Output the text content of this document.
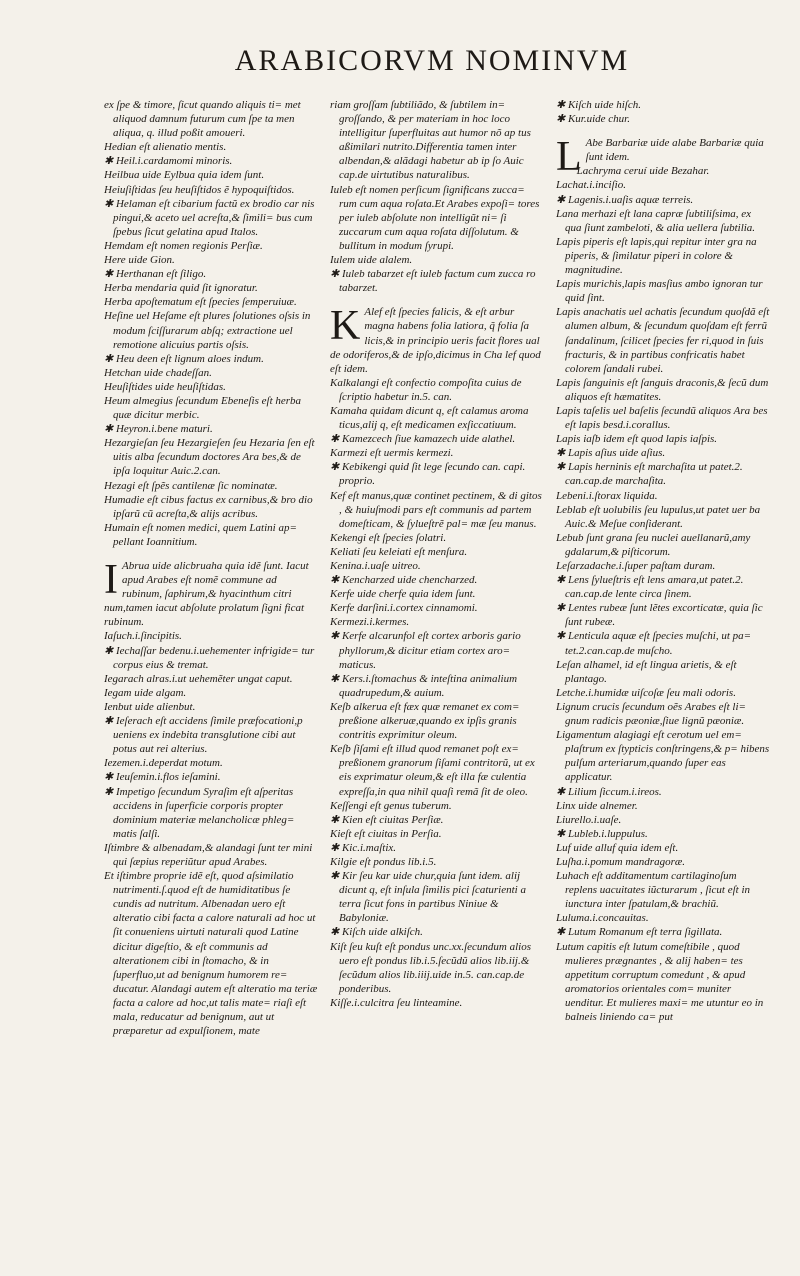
ARABICORVM NOMINVM

ex ſpe & timore, ſicut quando aliquis ti= met aliquod damnum futurum cum ſpe ta men aliqua, q. illud poßit amoueri.

Hedian eſt alienatio mentis.

✱ Heil.i.cardamomi minoris.

Heilbua uide Eylbua quia idem ſunt.

Heiuſiſtidas ſeu heuſiſtidos ẽ hypoquiſtidos.

✱ Helaman eſt cibarium factũ ex brodio car nis pingui,& aceto uel acreſta,& ſimili= bus cum ſpebus ſicut gelatina apud Italos.

Hemdam eſt nomen regionis Perſiæ.

Here uide Gion.

✱ Herthanan eſt ſiligo.

Herba mendaria quid ſit ignoratur.

Herba apoſtematum eſt ſpecies ſemperuiuæ.

Heſine uel Heſame eſt plures ſolutiones oſsis in modum ſciſſurarum abſq; extractione uel remotione alicuius partis oſsis.

✱ Heu deen eſt lignum aloes indum.

Hetchan uide chadeſſan.

Heuſiſtides uide heuſiſtidas.

Heum almegius ſecundum Ebeneſis eſt herba quæ dicitur merbic.

✱ Heyron.i.bene maturi.

Hezargieſan ſeu Hezargieſen ſeu Hezaria ſen eſt uitis alba ſecundum doctores Ara bes,& de ipſa loquitur Auic.2.can.

Hezagi eſt ſpẽs cantilenæ ſic nominatæ.

Humadie eſt cibus factus ex carnibus,& bro dio ipſarũ cũ acreſta,& alijs acribus.

Humain eſt nomen medici, quem Latini ap= pellant Ioannitium.

I Abrua uide alicbruaha quia idẽ ſunt. Iacut apud Arabes eſt nomẽ commune ad rubinum, ſaphirum,& hyacinthum citri num,tamen iacut abſolute prolatum ſigni ficat rubinum.

Iaſuch.i.ſincipitis.

✱ Iechaſſar bedenu.i.uehementer infrigide= tur corpus eius & tremat.

Iegarach alras.i.ut uehemẽter ungat caput.

Iegam uide algam.

Ienbut uide alienbut.

✱ Ieſerach eſt accidens ſimile præfocationi,p ueniens ex indebita transglutione cibi aut potus aut rei alterius.

Iezemen.i.deperdat motum.

✱ Ieuſemin.i.flos ieſamini.

✱ Impetigo ſecundum Syraſim eſt aſperitas accidens in ſuperficie corporis propter dominium materiæ melancholicæ phleg= matis ſalſi.

Iſtimbre & albenadam,& alandagi ſunt ter mini qui ſæpius reperiũtur apud Arabes.

Et iſtimbre proprie idẽ eſt, quod aſsimilatio nutrimenti.ſ.quod eſt de humiditatibus ſe cundis ad nutritum. Albenadan uero eſt alteratio cibi facta a calore naturali ad hoc ut ſit conueniens uirtuti naturali quod Latine dicitur digeſtio, & eſt communis ad alterationem cibi in ſtomacho, & in ſuperfluo,ut ad benignum humorem re= ducatur. Alandagi autem eſt alteratio ma teriæ facta a calore ad hoc,ut talis mate= riaſi eſt mala, reducatur ad benignum, aut ut præparetur ad expulſionem, mate

riam groſſam ſubtiliãdo, & ſubtilem in= groſſando, & per materiam in hoc loco intelligitur ſuperfluitas aut humor nõ ap tus aßimilari nutrito.Differentia tamen inter albendan,& alãdagi habetur ab ip ſo Auic cap.de uirtutibus naturalibus.

Iuleb eſt nomen perſicum ſignificans zucca= rum cum aqua roſata.Et Arabes expoſi= tores per iuleb abſolute non intelligũt ni= ſi zuccarum cum aqua roſata diſſolutum. & bullitum in modum ſyrupi.

Iulem uide alalem.

✱ Iuleb tabarzet eſt iuleb factum cum zucca ro tabarzet.

K Alef eſt ſpecies falicis, & eſt arbur magna habens folia latiora, q̃ folia ſa licis,& in principio ueris facit flores ual de odoriferos,& de ipſo,dicimus in Cha lef quod eſt idem.

Kalkalangi eſt confectio compoſita cuius de ſcriptio habetur in.5. can.

Kamaha quidam dicunt q, eſt calamus aroma ticus,alij q, eſt medicamen exſiccatiuum.

✱ Kamezcech ſiue kamazech uide alathel.

Karmezi eſt uermis kermezi.

✱ Kebikengi quid ſit lege ſecundo can. capi. proprio.

Kef eſt manus,quæ continet pectinem, & di gitos , & huiuſmodi pars eſt communis ad partem domeſticam, & ſylueſtrẽ pal= mæ ſeu manus.

Kekengi eſt ſpecies ſolatri.

Keliati ſeu keleiati eſt menſura.

Kenina.i.uaſe uitreo.

✱ Kencharzed uide chencharzed.

Kerfe uide cherfe quia idem ſunt.

Kerfe darſini.i.cortex cinnamomi.

Kermezi.i.kermes.

✱ Kerfe alcarunfol eſt cortex arboris gario phyllorum,& dicitur etiam cortex aro= maticus.

✱ Kers.i.ſtomachus & inteſtina animalium quadrupedum,& auium.

Keſb alkerua eſt fæx quæ remanet ex com= preßione alkeruæ,quando ex ipſis granis contritis exprimitur oleum.

Keſb ſiſami eſt illud quod remanet poſt ex= preßionem granorum ſiſami contritorũ, ut ex eis exprimatur oleum,& eſt illa fæ culentia expreſſa,in qua nihil quaſi remã ſit de oleo.

Keſſengi eſt genus tuberum.

✱ Kien eſt ciuitas Perſiæ.

Kieſt eſt ciuitas in Perſia.

✱ Kic.i.maſtix.

Kilgie eſt pondus lib.i.5.

✱ Kir ſeu kar uide chur,quia ſunt idem. alij dicunt q, eſt inſula ſimilis pici ſcaturienti a terra ſicut fons in partibus Niniue & Babyloniæ.

✱ Kiſch uide alkiſch.

Kiſt ſeu kuſt eſt pondus unc.xx.ſecundum alios uero eſt pondus lib.i.5.ſecũdũ alios lib.iij.& ſecũdum alios lib.iiij.uide in.5. can.cap.de ponderibus.

Kiſſe.i.culcitra ſeu linteamine.

✱ Kiſch uide hiſch.

✱ Kur.uide chur.

L Abe Barbariæ uide alabe Barbariæ quia ſunt idem.

Lachryma ceruí uide Bezahar.

Lachat.i.inciſio.

✱ Lagenis.i.uaſis aquæ terreis.

Lana merhazi eſt lana capræ ſubtiliſsima, ex qua ſiunt zambeloti, & alia uellera ſubtilia.

Lapis piperis eſt lapis,qui repitur inter gra na piperis, & ſimilatur piperi in colore & magnitudine.

Lapis murichis,lapis masſius ambo ignoran tur quid ſint.

Lapis anachatis uel achatis ſecundum quoſdã eſt alumen album, & ſecundum quoſdam eſt ferrũ ſandalinum, ſcilicet ſpecies fer ri,quod in ſuis fracturis, & in partibus confricatis habet colorem ſandali rubei.

Lapis ſanguinis eſt ſanguis draconis,& ſecũ dum aliquos eſt hæmatites.

Lapis taſelis uel baſelis ſecundũ aliquos Ara bes eſt lapis besd.i.corallus.

Lapis iaſb idem eſt quod lapis iaſpis.

✱ Lapis aſius uide aſius.

✱ Lapis herninis eſt marchaſita ut patet.2. can.cap.de marchaſita.

Lebeni.i.ſtorax liquida.

Leblab eſt uolubilis ſeu lupulus,ut patet uer ba Auic.& Meſue conſiderant.

Lebub ſunt grana ſeu nuclei auellanarũ,amy gdalarum,& piſticorum.

Leſarzadache.i.ſuper paſtam duram.

✱ Lens ſylueſtris eſt lens amara,ut patet.2. can.cap.de lente circa ſinem.

✱ Lentes rubeæ ſunt lẽtes excorticatæ, quia ſic ſunt rubeæ.

✱ Lenticula aquæ eſt ſpecies muſchi, ut pa= tet.2.can.cap.de muſcho.

Leſan alhamel, id eſt lingua arietis, & eſt plantago.

Letche.i.humidæ uiſcoſæ ſeu mali odoris.

Lignum crucis ſecundum oẽs Arabes eſt li= gnum radicis pæoniæ,ſiue lignũ pæoniæ.

Ligamentum alagiagi eſt cerotum uel em= plaſtrum ex ſtypticis conſtringens,& p= hibens pulſum arteriarum,quando ſuper eas applicatur.

✱ Lilium ſiccum.i.ireos.

Linx uide alnemer.

Liurello.i.uaſe.

✱ Lubleb.i.luppulus.

Luf uide alluf quia idem eſt.

Luſha.i.pomum mandragoræ.

Luhach eſt additamentum cartilaginoſum replens uacuitates iũcturarum , ſicut eſt in iunctura inter ſpatulam,& brachiũ.

Luluma.i.concauitas.

✱ Lutum Romanum eſt terra ſigillata.

Lutum capitis eſt lutum comeſtibile , quod mulieres prægnantes , & alij haben= tes appetitum corruptum comedunt , & apud aromatorios orientales com= muniter uenditur. Et mulieres maxi= me utuntur eo in balneis liniendo ca= put
